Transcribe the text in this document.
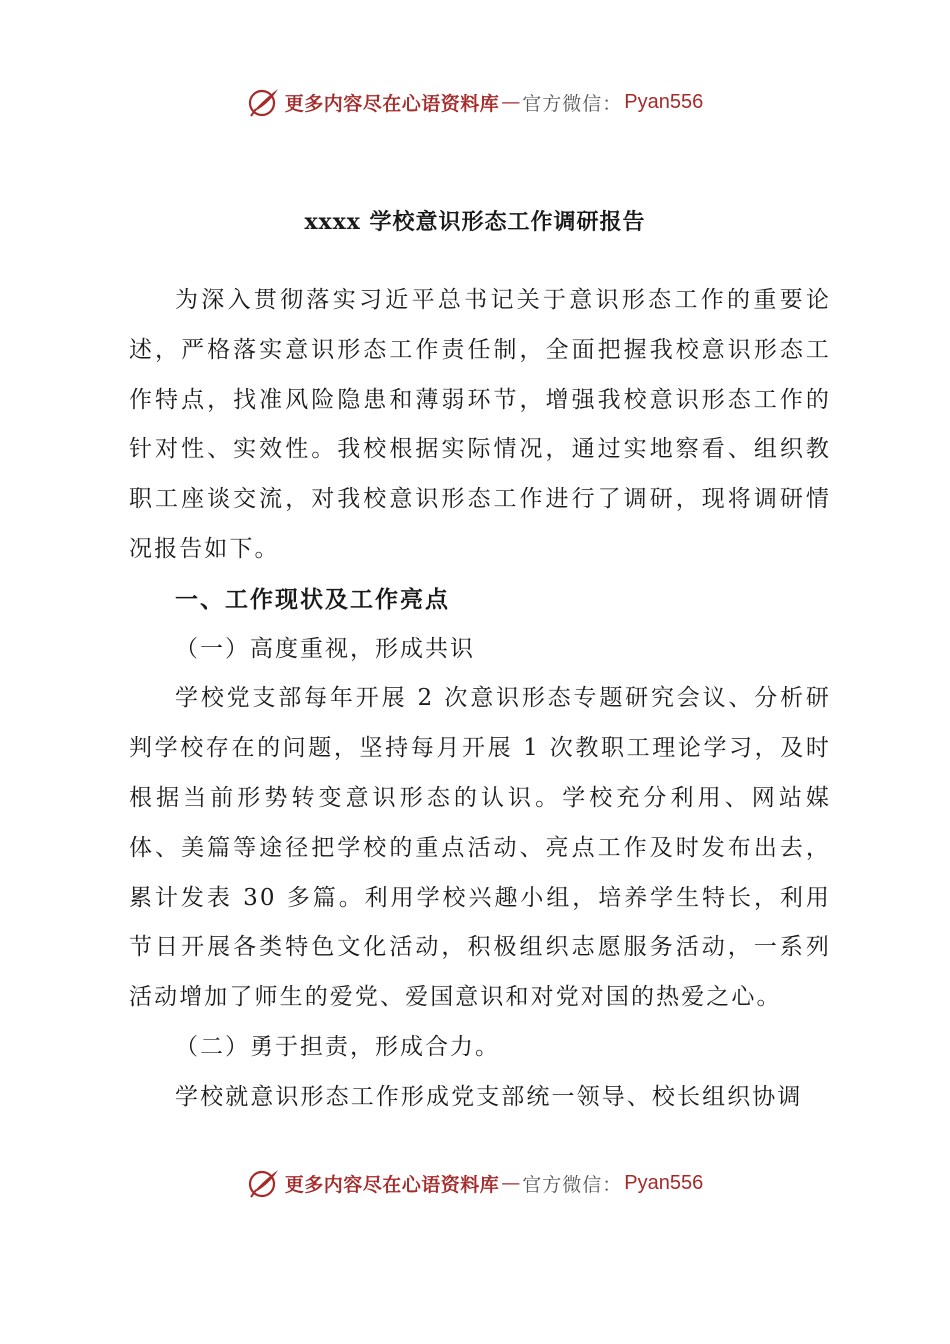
更多内容尽在心语资料库 — 官方微信： Pyan556
xxxx 学校意识形态工作调研报告

为深入贯彻落实习近平总书记关于意识形态工作的重要论述，严格落实意识形态工作责任制，全面把握我校意识形态工作特点，找准风险隐患和薄弱环节，增强我校意识形态工作的针对性、实效性。我校根据实际情况，通过实地察看、组织教职工座谈交流，对我校意识形态工作进行了调研，现将调研情况报告如下。

一、工作现状及工作亮点

（一）高度重视，形成共识

学校党支部每年开展 2 次意识形态专题研究会议、分析研判学校存在的问题，坚持每月开展 1 次教职工理论学习，及时根据当前形势转变意识形态的认识。学校充分利用、网站媒体、美篇等途径把学校的重点活动、亮点工作及时发布出去，累计发表 30 多篇。利用学校兴趣小组，培养学生特长，利用节日开展各类特色文化活动，积极组织志愿服务活动，一系列活动增加了师生的爱党、爱国意识和对党对国的热爱之心。

（二）勇于担责，形成合力。

学校就意识形态工作形成党支部统一领导、校长组织协调

更多内容尽在心语资料库 — 官方微信： Pyan556
